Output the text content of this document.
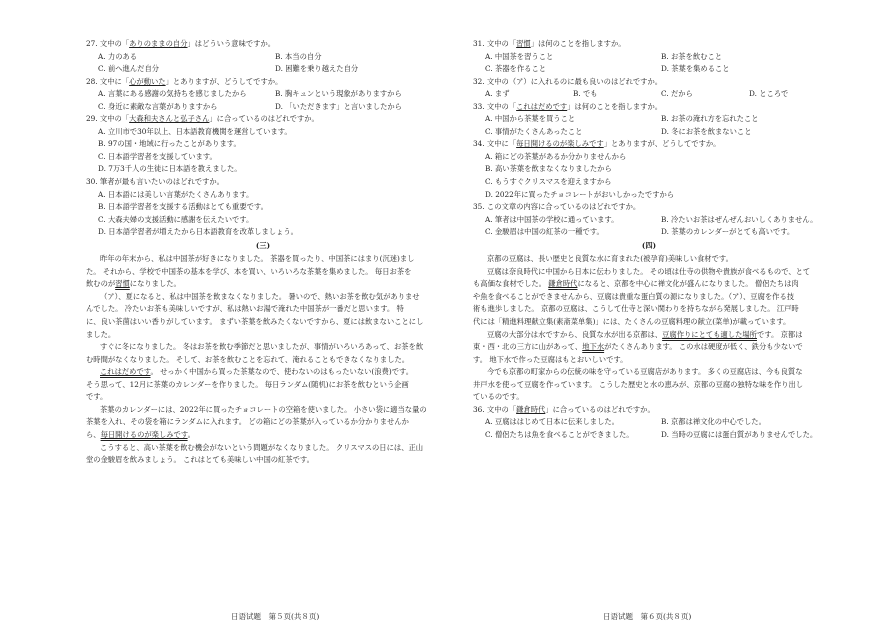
27. 文中の「ありのままの自分」はどういう意味ですか。
A. 力のある	B. 本当の自分
C. 前へ進んだ自分	D. 困難を乗り越えた自分
28. 文中に「心が動いた」とありますが、どうしてですか。
A. 言葉にある感謝の気持ちを感じましたから	B. 胸キュンという現象がありますから
C. 身近に素敵な言葉がありますから	D. 「いただきます」と言いましたから
29. 文中の「大森和夫さんと弘子さん」に合っているのはどれですか。
A. 立川市で30年以上、日本語教育機関を運営しています。
B. 97の国・地域に行ったことがあります。
C. 日本語学習者を支援しています。
D. 7万3千人の生徒に日本語を教えました。
30. 筆者が最も言いたいのはどれですか。
A. 日本語には美しい言葉がたくさんあります。
B. 日本語学習者を支援する活動はとても重要です。
C. 大森夫婦の支援活動に感謝を伝えたいです。
D. 日本語学習者が増えたから日本語教育を改革しましょう。
(三)
昨年の年末から、私は中国茶が好きになりました。 茶器を買ったり、中国茶にはまり(沉迷)まし
た。 それから、学校で中国茶の基本を学び、本を買い、いろいろな茶葉を集めました。 毎日お茶を
飲むのが習慣になりました。
（ア）、夏になると、私は中国茶を飲まなくなりました。 暑いので、熱いお茶を飲む気がありませ
んでした。 冷たいお茶も美味しいですが、私は熱いお湯で淹れた中国茶が一番だと思います。 特
に、良い茶菌はいい香りがしています。 まずい茶葉を飲みたくないですから、夏には飲まないことにし
ました。
すぐに冬になりました。 冬はお茶を飲む季節だと思いましたが、事情がいろいろあって、お茶を飲
む時間がなくなりました。 そして、お茶を飲むことを忘れて、淹れることもできなくなりました。
これはだめです。 せっかく中国から買った茶葉なので、使わないのはもったいない(浪费)です。
そう思って、12月に茶葉のカレンダーを作りました。 毎日ランダム(随机)にお茶を飲むという企画
です。
茶葉のカレンダーには、2022年に買ったチョコレートの空箱を使いました。 小さい袋に適当な量の
茶葉を入れ、その袋を箱にランダムに入れます。 どの箱にどの茶葉が入っているか分かりませんか
ら、毎日開けるのが楽しみです。
こうすると、高い茶葉を飲む機会がないという問題がなくなりました。 クリスマスの日には、正山
堂の金駿眉を飲みましょう。 これはとても美味しい中国の紅茶です。
31. 文中の「習慣」は何のことを指しますか。
A. 中国茶を習うこと	B. お茶を飲むこと
C. 茶器を作ること	D. 茶葉を集めること
32. 文中の（ア）に入れるのに最も良いのはどれですか。
A. まず	B. でも	C. だから	D. ところで
33. 文中の「これはだめです」は何のことを指しますか。
A. 中国から茶葉を買うこと	B. お茶の淹れ方を忘れたこと
C. 事情がたくさんあったこと	D. 冬にお茶を飲まないこと
34. 文中に「毎日開けるのが楽しみです」とありますが、どうしてですか。
A. 箱にどの茶葉があるか分かりませんから
B. 高い茶葉を飲まなくなりましたから
C. もうすぐクリスマスを迎えますから
D. 2022年に買ったチョコレートがおいしかったですから
35. この文章の内容に合っているのはどれですか。
A. 筆者は中国茶の学校に通っています。	B. 冷たいお茶はぜんぜんおいしくありません。
C. 金駿眉は中国の紅茶の一種です。	D. 茶葉のカレンダーがとても高いです。
(四)
京都の豆腐は、長い歴史と良質な水に育まれた(被孕育)美味しい食材です。
豆腐は奈良時代に中国から日本に伝わりました。 その頃は仕寺の供物や貴族が食べるもので、とて
も高価な食材でした。 鎌倉時代になると、京都を中心に禅文化が盛んになりました。 僧侶たちは肉
や魚を食べることができませんから、豆腐は貴重な蛋白質の源になりました。（ア）、豆腐を作る技
術も進歩しました。 京都の豆腐は、こうして仕寺と深い関わりを持ちながら発展しました。 江戸時
代には「精進料理献立集(素斋菜单集)」には、たくさんの豆腐料理の献立(菜单)が載っています。
豆腐の大部分は水ですから、良質な水が出る京都は、豆腐作りにとても適した場所です。 京都は
東・西・北の三方に山があって、地下水がたくさんあります。 この水は硬度が低く、鉄分も少ないで
す。 地下水で作った豆腐はもとおいしいです。
今でも京都の町家からの伝統の味を守っている豆腐店があります。 多くの豆腐店は、今も良質な
井戸水を使って豆腐を作っています。 こうした歴史と水の恵みが、京都の豆腐の独特な味を作り出し
ているのです。
36. 文中の「鎌倉時代」に合っているのはどれですか。
A. 豆腐ははじめて日本に伝来しました。	B. 京都は禅文化の中心でした。
C. 僧侶たちは魚を食べることができました。	D. 当時の豆腐には蛋白質がありませんでした。
日语试题　第５页(共８页)	日语试题　第６页(共８页)
